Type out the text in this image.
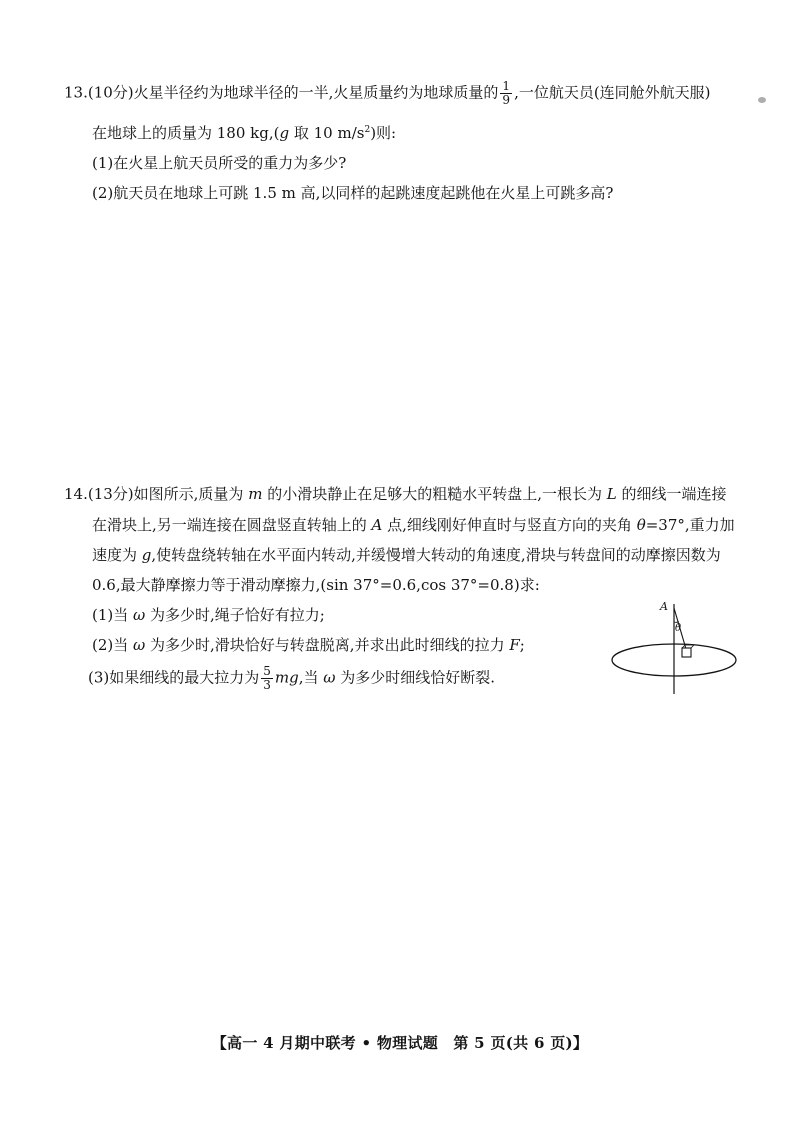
13.(10分)火星半径约为地球半径的一半,火星质量约为地球质量的 $\frac{1}{9}$ ,一位航天员(连同舱外航天服)
在地球上的质量为 180 kg,(g 取 10 $m/s^2$)则:
(1)在火星上航天员所受的重力为多少?
(2)航天员在地球上可跳 1.5 m 高,以同样的起跳速度起跳他在火星上可跳多高?
14.(13分)如图所示,质量为 m 的小滑块静止在足够大的粗糙水平转盘上,一根长为 L 的细线一端连接
在滑块上,另一端连接在圆盘竖直转轴上的 A 点,细线刚好伸直时与竖直方向的夹角 θ=37°,重力加
速度为 g,使转盘绕转轴在水平面内转动,并缓慢增大转动的角速度,滑块与转盘间的动摩擦因数为
0.6,最大静摩擦力等于滑动摩擦力,(sin 37°=0.6,cos 37°=0.8)求:
(1)当 ω 为多少时,绳子恰好有拉力;
(2)当 ω 为多少时,滑块恰好与转盘脱离,并求出此时细线的拉力 F;
(3)如果细线的最大拉力为 $\frac{5}{3}$ mg,当 ω 为多少时细线恰好断裂.
A
θ
【高一 4 月期中联考 • 物理试题　第 5 页(共 6 页)】
